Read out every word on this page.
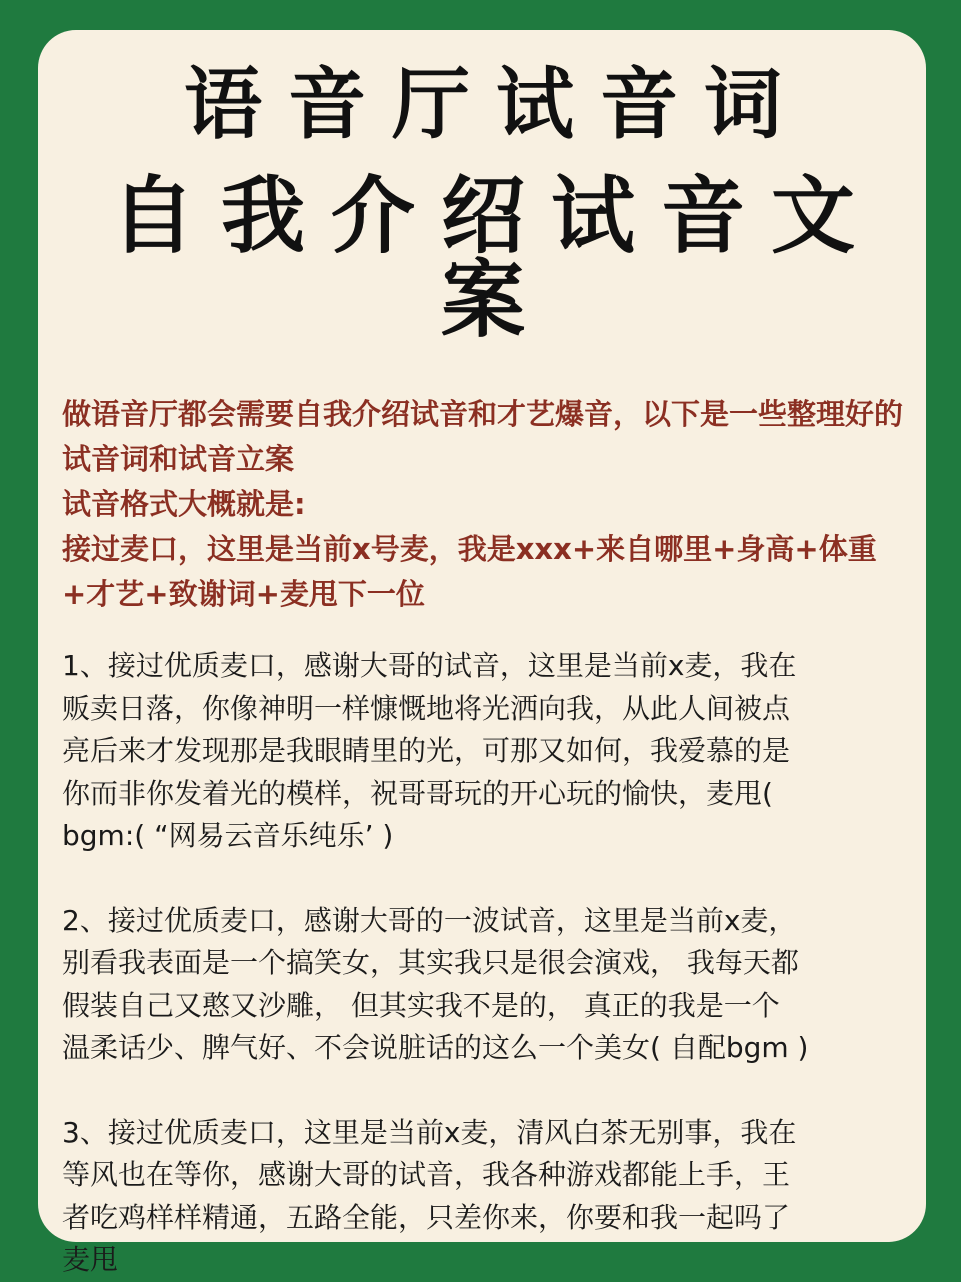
语音厅试音词
自我介绍试音文案

做语音厅都会需要自我介绍试音和才艺爆音，以下是一些整理好的试音词和试音立案

试音格式大概就是:

接过麦口，这里是当前x号麦，我是xxx+来自哪里+身高+体重+才艺+致谢词+麦甩下一位

1、接过优质麦口，感谢大哥的试音，这里是当前x麦，我在
贩卖日落，你像神明一样慷慨地将光洒向我，从此人间被点
亮后来才发现那是我眼睛里的光，可那又如何，我爱慕的是
你而非你发着光的模样，祝哥哥玩的开心玩的愉快，麦甩(
bgm:( “网易云音乐纯乐’ )

2、接过优质麦口，感谢大哥的一波试音，这里是当前x麦，
别看我表面是一个搞笑女，其实我只是很会演戏， 我每天都
假装自己又憨又沙雕， 但其实我不是的， 真正的我是一个
温柔话少、脾气好、不会说脏话的这么一个美女( 自配bgm )

3、接过优质麦口，这里是当前x麦，清风白茶无别事，我在
等风也在等你，感谢大哥的试音，我各种游戏都能上手，王
者吃鸡样样精通，五路全能，只差你来，你要和我一起吗了
麦甩
